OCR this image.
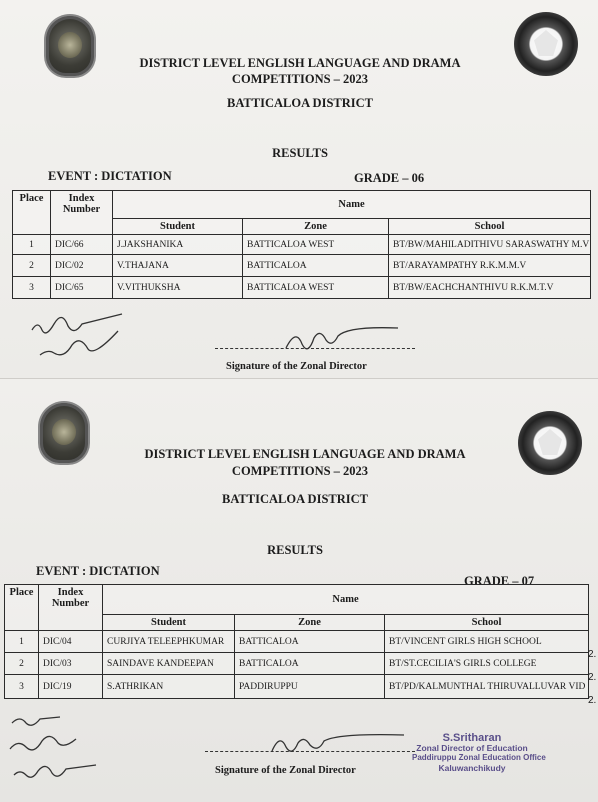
DISTRICT LEVEL ENGLISH LANGUAGE AND DRAMA
COMPETITIONS – 2023
BATTICALOA DISTRICT
RESULTS
EVENT : DICTATION	GRADE – 06
Place	Index Number	Name		
		Student	Zone	School
1	DIC/66	J.JAKSHANIKA	BATTICALOA WEST	BT/BW/MAHILADITHIVU SARASWATHY M.V
2	DIC/02	V.THAJANA	BATTICALOA	BT/ARAYAMPATHY R.K.M.M.V
3	DIC/65	V.VITHUKSHA	BATTICALOA WEST	BT/BW/EACHCHANTHIVU R.K.M.T.V
Signature of the Zonal Director
DISTRICT LEVEL ENGLISH LANGUAGE AND DRAMA
COMPETITIONS – 2023
BATTICALOA DISTRICT
RESULTS
EVENT : DICTATION
GRADE – 07
Place	Index Number	Name		
		Student	Zone	School
1	DIC/04	CURJIYA TELEEPHKUMAR	BATTICALOA	BT/VINCENT GIRLS HIGH SCHOOL
2	DIC/03	SAINDAVE KANDEEPAN	BATTICALOA	BT/ST.CECILIA'S GIRLS COLLEGE
3	DIC/19	S.ATHRIKAN	PADDIRUPPU	BT/PD/KALMUNTHAL THIRUVALLUVAR VID
2.
2.
2.
Signature of the Zonal Director
S.Sritharan
Zonal Director of Education
Paddiruppu Zonal Education Office
Kaluwanchikudy
